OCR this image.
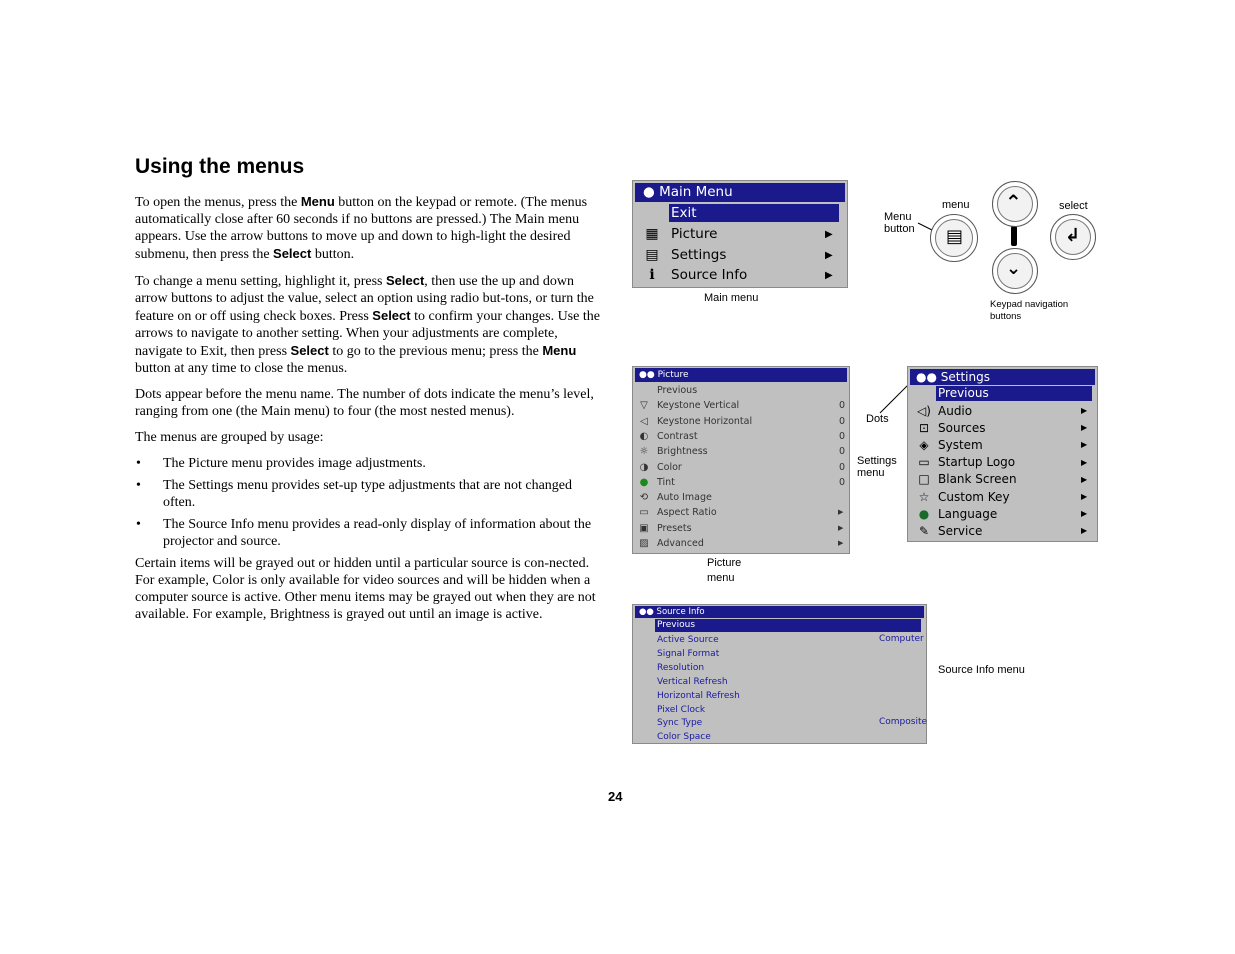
Using the menus

To open the menus, press the Menu button on the keypad or remote. (The menus automatically close after 60 seconds if no buttons are pressed.) The Main menu appears. Use the arrow buttons to move up and down to high-light the desired submenu, then press the Select button.

To change a menu setting, highlight it, press Select, then use the up and down arrow buttons to adjust the value, select an option using radio but-tons, or turn the feature on or off using check boxes. Press Select to confirm your changes. Use the arrows to navigate to another setting. When your adjustments are complete, navigate to Exit, then press Select to go to the previous menu; press the Menu button at any time to close the menus.

Dots appear before the menu name. The number of dots indicate the menu’s level, ranging from one (the Main menu) to four (the most nested menus).

The menus are grouped by usage:

• The Picture menu provides image adjustments.
• The Settings menu provides set-up type adjustments that are not changed often.
• The Source Info menu provides a read-only display of information about the projector and source.

Certain items will be grayed out or hidden until a particular source is con-nected. For example, Color is only available for video sources and will be hidden when a computer source is active. Other menu items may be grayed out when they are not available. For example, Brightness is grayed out until an image is active.

● Main Menu
Exit
▦ Picture	▶
▤ Settings	▶
i	Source Info	▶
Main menu
▤
⌃
⌄
↲
Menu
button
menu	select
Keypad navigation
buttons
●● Picture
Previous
▽ Keystone Vertical	0
◁ Keystone Horizontal	0
◐ Contrast	0
☼ Brightness	0
◑ Color	0
● Tint	0
⟲ Auto Image
▭ Aspect Ratio	▶
▣ Presets	▶
▨ Advanced	▶
Picture
menu
Dots
Settings
menu
●● Settings
Previous
◁) Audio	▶
⊡ Sources	▶
◈ System	▶
▭ Startup Logo	▶
□ Blank Screen	▶
☆ Custom Key	▶
● Language	▶
✎ Service	▶
●● Source Info
Previous
Active Source	Computer
Signal Format
Resolution
Vertical Refresh
Horizontal Refresh
Pixel Clock
Sync Type	Composite
Color Space
Source Info menu
24
